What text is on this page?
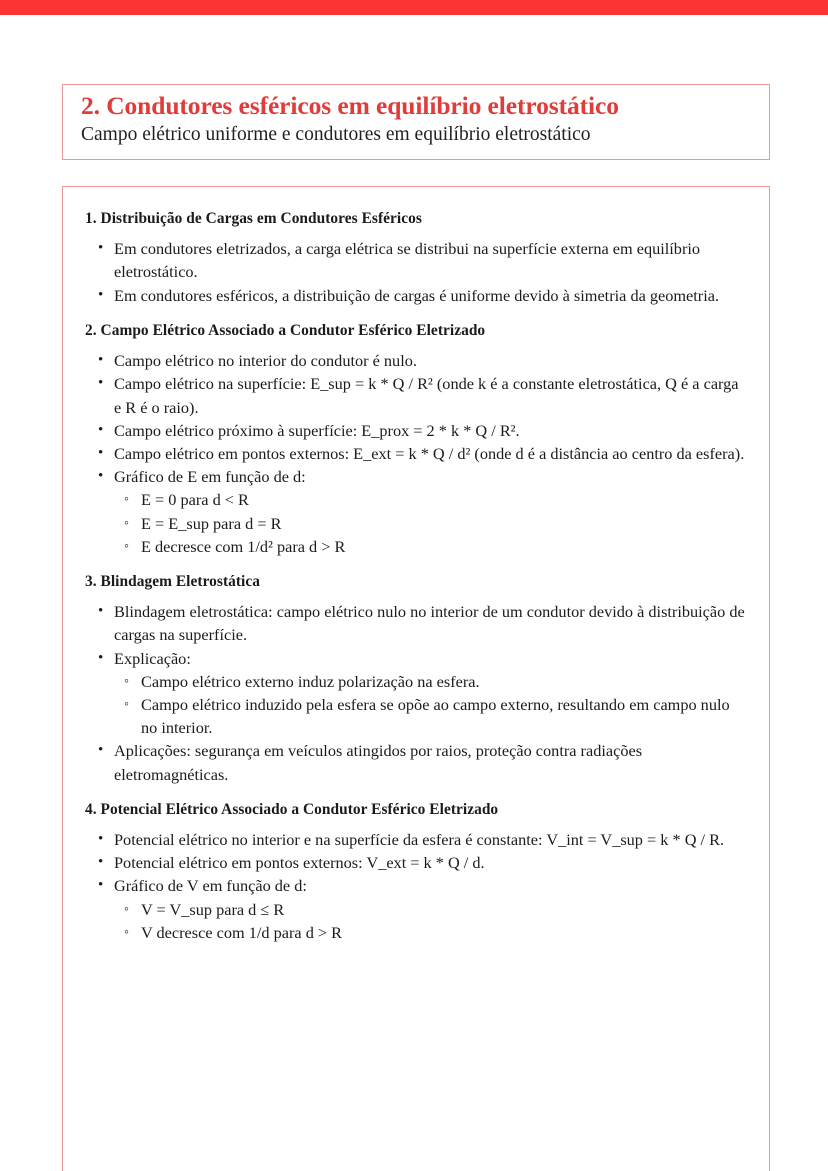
2. Condutores esféricos em equilíbrio eletrostático
Campo elétrico uniforme e condutores em equilíbrio eletrostático
1. Distribuição de Cargas em Condutores Esféricos
• Em condutores eletrizados, a carga elétrica se distribui na superfície externa em equilíbrio eletrostático.
• Em condutores esféricos, a distribuição de cargas é uniforme devido à simetria da geometria.
2. Campo Elétrico Associado a Condutor Esférico Eletrizado
• Campo elétrico no interior do condutor é nulo.
• Campo elétrico na superfície: E_sup = k * Q / R² (onde k é a constante eletrostática, Q é a carga e R é o raio).
• Campo elétrico próximo à superfície: E_prox = 2 * k * Q / R².
• Campo elétrico em pontos externos: E_ext = k * Q / d² (onde d é a distância ao centro da esfera).
• Gráfico de E em função de d:
◦ E = 0 para d < R
◦ E = E_sup para d = R
◦ E decresce com 1/d² para d > R
3. Blindagem Eletrostática
• Blindagem eletrostática: campo elétrico nulo no interior de um condutor devido à distribuição de cargas na superfície.
• Explicação:
◦ Campo elétrico externo induz polarização na esfera.
◦ Campo elétrico induzido pela esfera se opõe ao campo externo, resultando em campo nulo no interior.
• Aplicações: segurança em veículos atingidos por raios, proteção contra radiações eletromagnéticas.
4. Potencial Elétrico Associado a Condutor Esférico Eletrizado
• Potencial elétrico no interior e na superfície da esfera é constante: V_int = V_sup = k * Q / R.
• Potencial elétrico em pontos externos: V_ext = k * Q / d.
• Gráfico de V em função de d:
◦ V = V_sup para d ≤ R
◦ V decresce com 1/d para d > R
